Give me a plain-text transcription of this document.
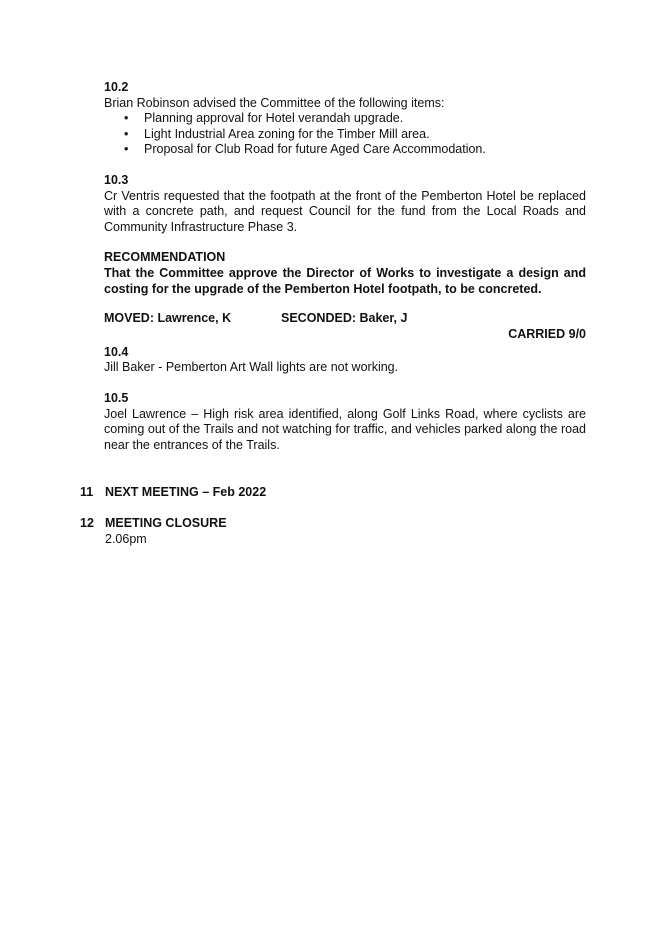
10.2

Brian Robinson advised the Committee of the following items:

• Planning approval for Hotel verandah upgrade.
• Light Industrial Area zoning for the Timber Mill area.
• Proposal for Club Road for future Aged Care Accommodation.

10.3

Cr Ventris requested that the footpath at the front of the Pemberton Hotel be replaced with a concrete path, and request Council for the fund from the Local Roads and Community Infrastructure Phase 3.

RECOMMENDATION

That the Committee approve the Director of Works to investigate a design and costing for the upgrade of the Pemberton Hotel footpath, to be concreted.

MOVED: Lawrence, K	SECONDED: Baker, J

CARRIED 9/0

10.4

Jill Baker - Pemberton Art Wall lights are not working.

10.5

Joel Lawrence – High risk area identified, along Golf Links Road, where cyclists are coming out of the Trails and not watching for traffic, and vehicles parked along the road near the entrances of the Trails.

11 NEXT MEETING – Feb 2022
12 MEETING CLOSURE

2.06pm
